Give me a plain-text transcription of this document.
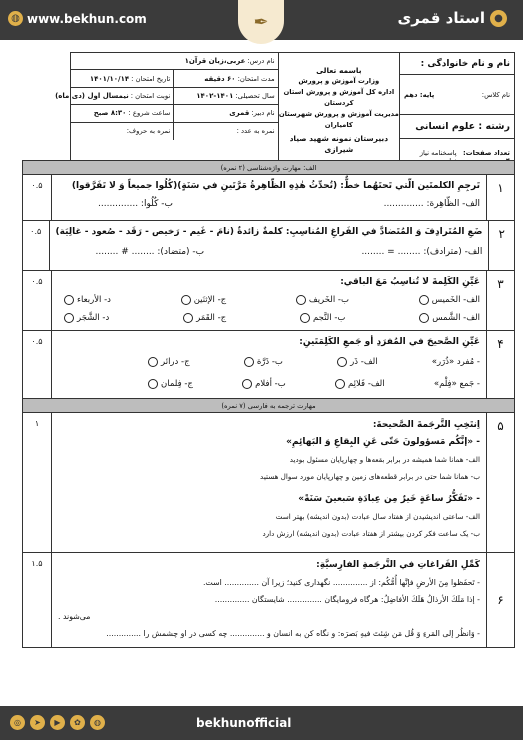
◍ www.bekhun.com	●
استاد قمری
✒
نام و نام خانوادگی :
نام کلاس:
پایه: دهم
رشته : علوم انسانی
تعداد صفحات:
پاسخنامه نیاز
باسمه تعالی
وزارت آموزش و پرورش
اداره کل آموزش و پرورش استان کردستان
مدیریت آموزش و پرورش شهرستان کامیاران
دبیرستان نمونه شهید صیاد شیرازی
نام درس:
عربی،زبان قرآن۱
مدت امتحان:
۶۰ دقیقه
تاریخ امتحان :
۱۴۰۱/۱۰/۱۴
سال تحصیلی:
۱۴۰۲-۱۴۰۱
نوبت امتحان :
نیمسال اول (دی ماه)
نام دبیر:
قمری
ساعت شروع :
۸:۳۰ صبح
نمره به عدد :
نمره به حروف:
الف: مهارت واژه‌شناسی (۲ نمره)
۱
تَرجِمِ الكلمتَين الّتي تَحتَهُما خطٌّ: (تُحدِّثُ هٰذِهِ الظّاهِرةُ مَرَّتَينِ في سَنَةٍ)(كُلُوا جميعاً وَ لا تَفَرَّقوا)
الف- الظّاهِرة: ..............
ب- كُلُوا: ..............
۰.۵
۲
ضَعِ المُتَرادِفَ وَ المُتَضادَّ في الفَراغِ المُناسِبِ: كلمةٌ زائدةٌ (نامَ - غَيم - رَخيص - رَقَد - صُعود - غالِيَة)
الف- (مترادف): ........ = ........
ب- (متضاد): ........ # ........
۰.۵
۳
عَيِّنِ الكَلِمةَ لا تُناسِبُ مَعَ الباقي:
الف- الخَميس
ب- الخَريف
ج- الإثنَين
د- الأربعاء
الف- الشَّمس
ب- النَّجم
ج- القَمَر
د- الشَّجَر
۰.۵
۴
عَيِّنِ الصَّحيحَ في المُفرَدِ أو جَمعِ الكَلِمَتَينِ:
- مُفرد «ذُرَر»
الف- ذَر
ب- ذَرَّة
ج- درائر
- جَمع «فِلْم»
الف- فَلائِم
ب- أفلام
ج- فِلمان
۰.۵
مهارت ترجمه به فارسی (۷ نمره)
۵
اِنتَخِبِ التَّرجَمةَ الصَّحيحةَ:
- «إنَّكُم مَسؤولونَ حَتّى عَنِ البِقاعِ وَ البَهائِمِ»
الف- همانا شما همیشه در برابر بقعه‌ها و چهارپایان مسئول بودید
ب- همانا شما حتی در برابر قطعه‌های زمین و چهارپایان مورد سوال هستید
- «تَفَكُّرُ ساعَةٍ خَيرٌ مِن عِبادَةِ سَبعينَ سَنَةً»
الف- ساعتی اندیشیدن از هفتاد سال عبادت (بدون اندیشه) بهتر است
ب- یک ساعت فکر کردن بیشتر از هفتاد عبادت (بدون اندیشه) ارزش دارد
۱
۶
كَمِّلِ الفَراغاتِ في التَّرجَمةِ الفارِسيَّةِ:
- تَحفَظوا مِنَ الأرضِ فإنَّها أُمُّكُم: از .............. نگهداری کنید؛ زیرا آن .............. است.
- إذا مَلَكَ الأرذالُ هَلَكَ الأفاضِلُ: هرگاه فرومایگان .............. شایستگان ..............
می‌شوند .
- وَانظُر إلى المَرءِ وَ قُل مَن شِئتَ فيهِ بَصرَه: و نگاه کن به انسان و .............. چه کسی در او چشمش را ..............
۱.۵
◎	➤	▶	✿	◍	bekhunofficial
